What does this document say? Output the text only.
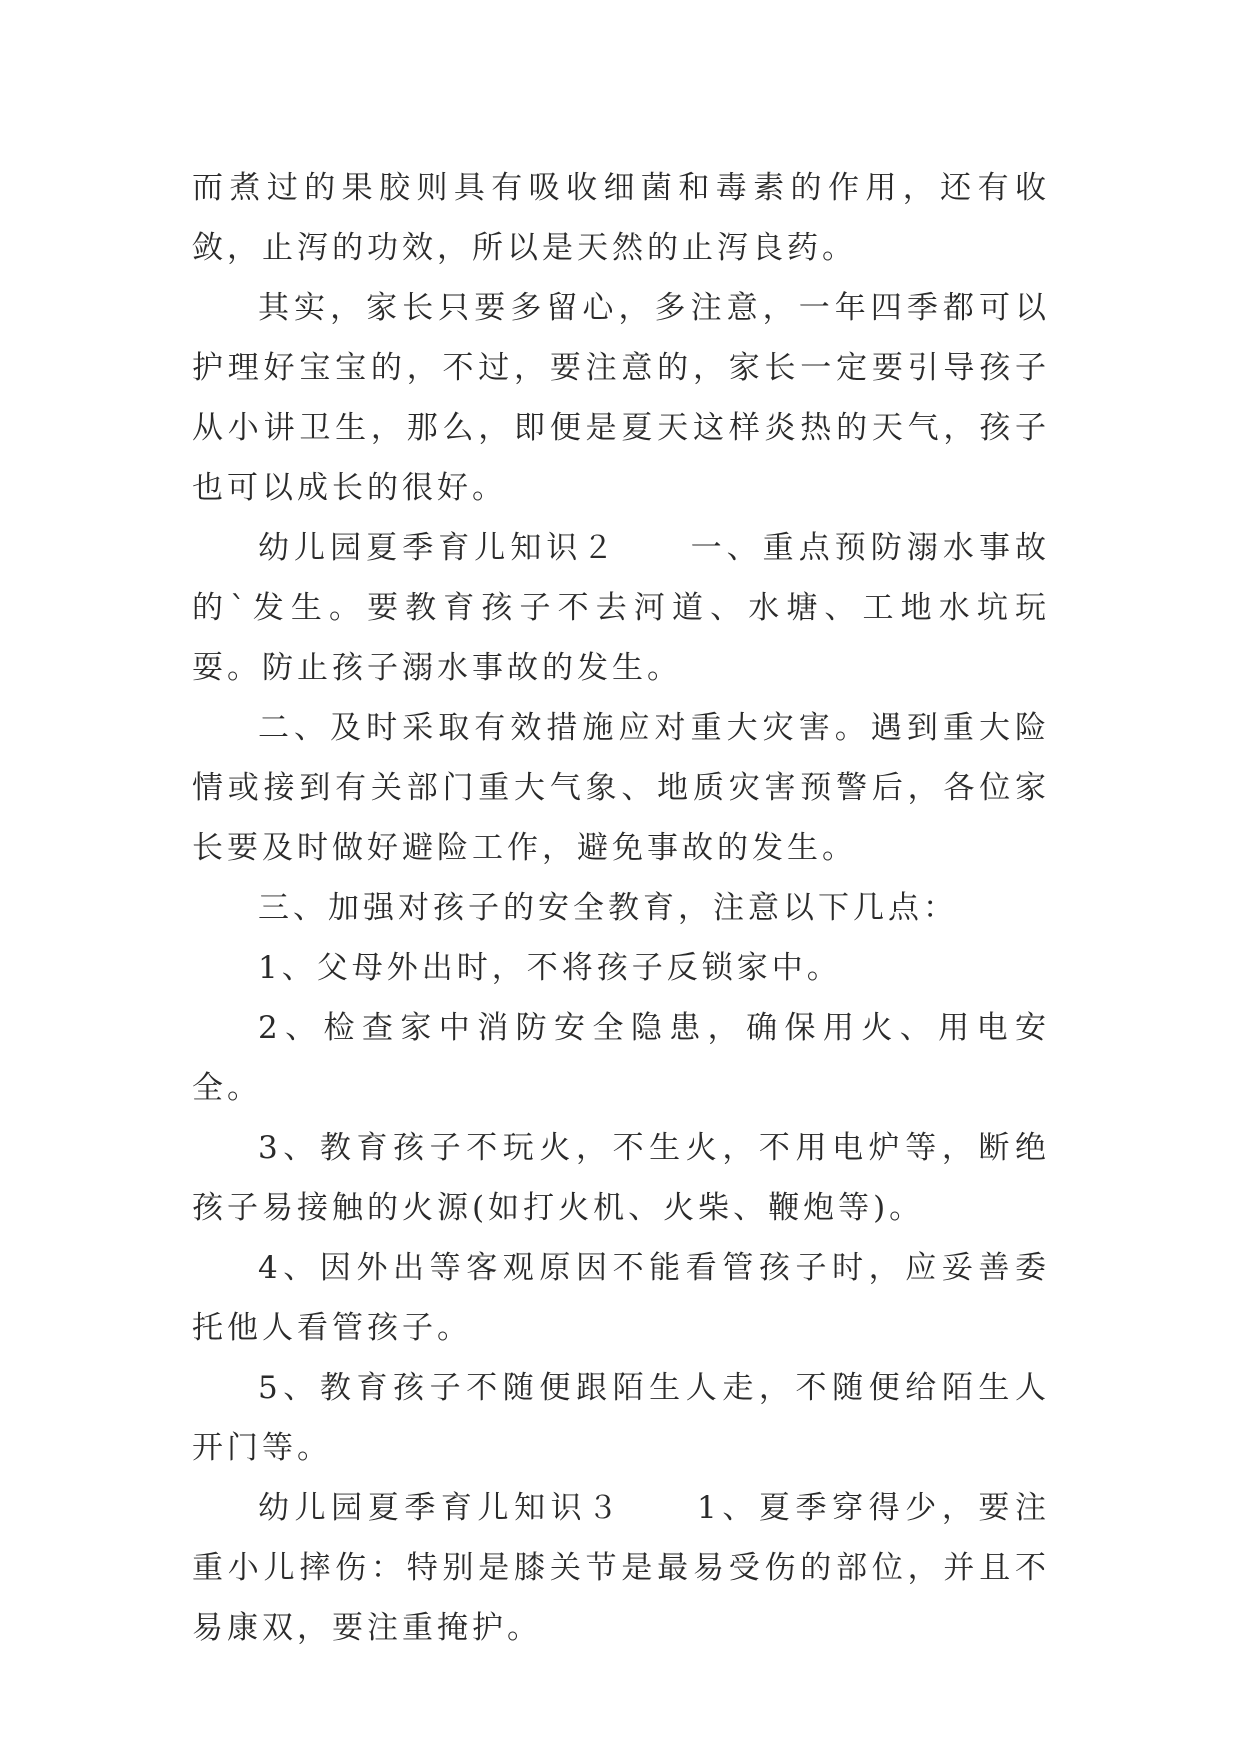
而煮过的果胶则具有吸收细菌和毒素的作用，还有收敛，止泻的功效，所以是天然的止泻良药。

其实，家长只要多留心，多注意，一年四季都可以护理好宝宝的，不过，要注意的，家长一定要引导孩子从小讲卫生，那么，即便是夏天这样炎热的天气，孩子也可以成长的很好。

幼儿园夏季育儿知识２　　一、重点预防溺水事故的`发生。要教育孩子不去河道、水塘、工地水坑玩耍。防止孩子溺水事故的发生。

二、及时采取有效措施应对重大灾害。遇到重大险情或接到有关部门重大气象、地质灾害预警后，各位家长要及时做好避险工作，避免事故的发生。

三、加强对孩子的安全教育，注意以下几点：

1、父母外出时，不将孩子反锁家中。

2、检查家中消防安全隐患，确保用火、用电安全。

3、教育孩子不玩火，不生火，不用电炉等，断绝孩子易接触的火源(如打火机、火柴、鞭炮等)。

4、因外出等客观原因不能看管孩子时，应妥善委托他人看管孩子。

5、教育孩子不随便跟陌生人走，不随便给陌生人开门等。

幼儿园夏季育儿知识３　　1、夏季穿得少，要注重小儿摔伤：特别是膝关节是最易受伤的部位，并且不易康双，要注重掩护。
